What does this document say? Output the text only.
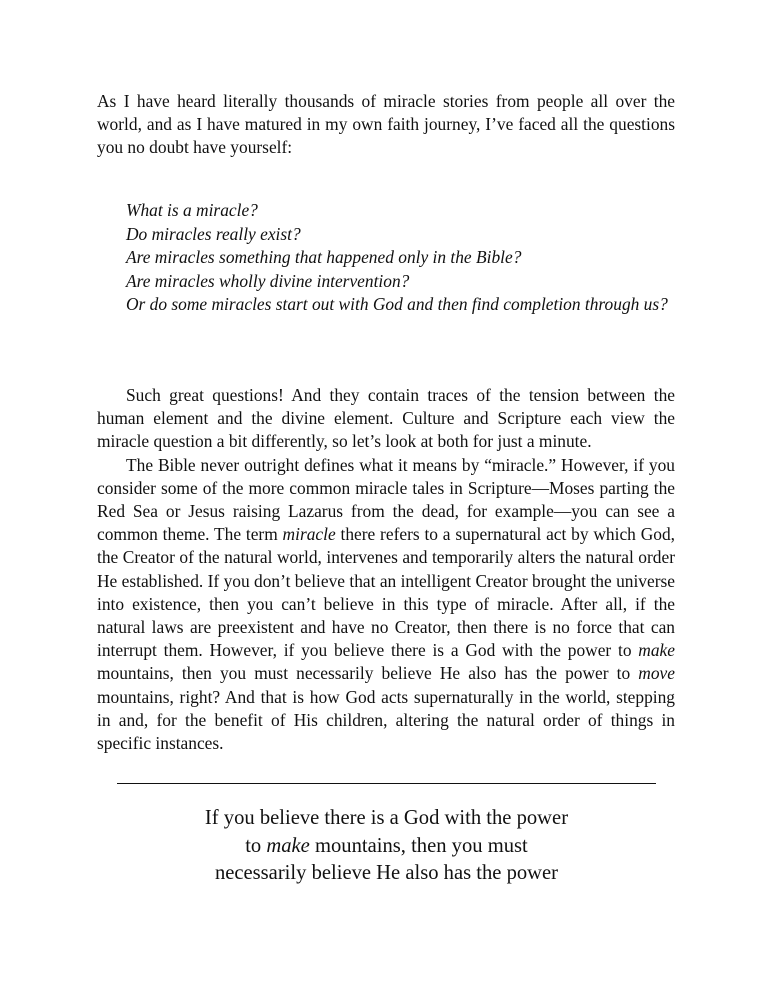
As I have heard literally thousands of miracle stories from people all over the world, and as I have matured in my own faith journey, I’ve faced all the questions you no doubt have yourself:

What is a miracle?
Do miracles really exist?
Are miracles something that happened only in the Bible?
Are miracles wholly divine intervention?
Or do some miracles start out with God and then find completion through us?

Such great questions! And they contain traces of the tension between the human element and the divine element. Culture and Scripture each view the miracle question a bit differently, so let’s look at both for just a minute.

The Bible never outright defines what it means by “miracle.” However, if you consider some of the more common miracle tales in Scripture—Moses parting the Red Sea or Jesus raising Lazarus from the dead, for example—you can see a common theme. The term miracle there refers to a supernatural act by which God, the Creator of the natural world, intervenes and temporarily alters the natural order He established. If you don’t believe that an intelligent Creator brought the universe into existence, then you can’t believe in this type of miracle. After all, if the natural laws are preexistent and have no Creator, then there is no force that can interrupt them. However, if you believe there is a God with the power to make mountains, then you must necessarily believe He also has the power to move mountains, right? And that is how God acts supernaturally in the world, stepping in and, for the benefit of His children, altering the natural order of things in specific instances.

If you believe there is a God with the power
to make mountains, then you must
necessarily believe He also has the power
